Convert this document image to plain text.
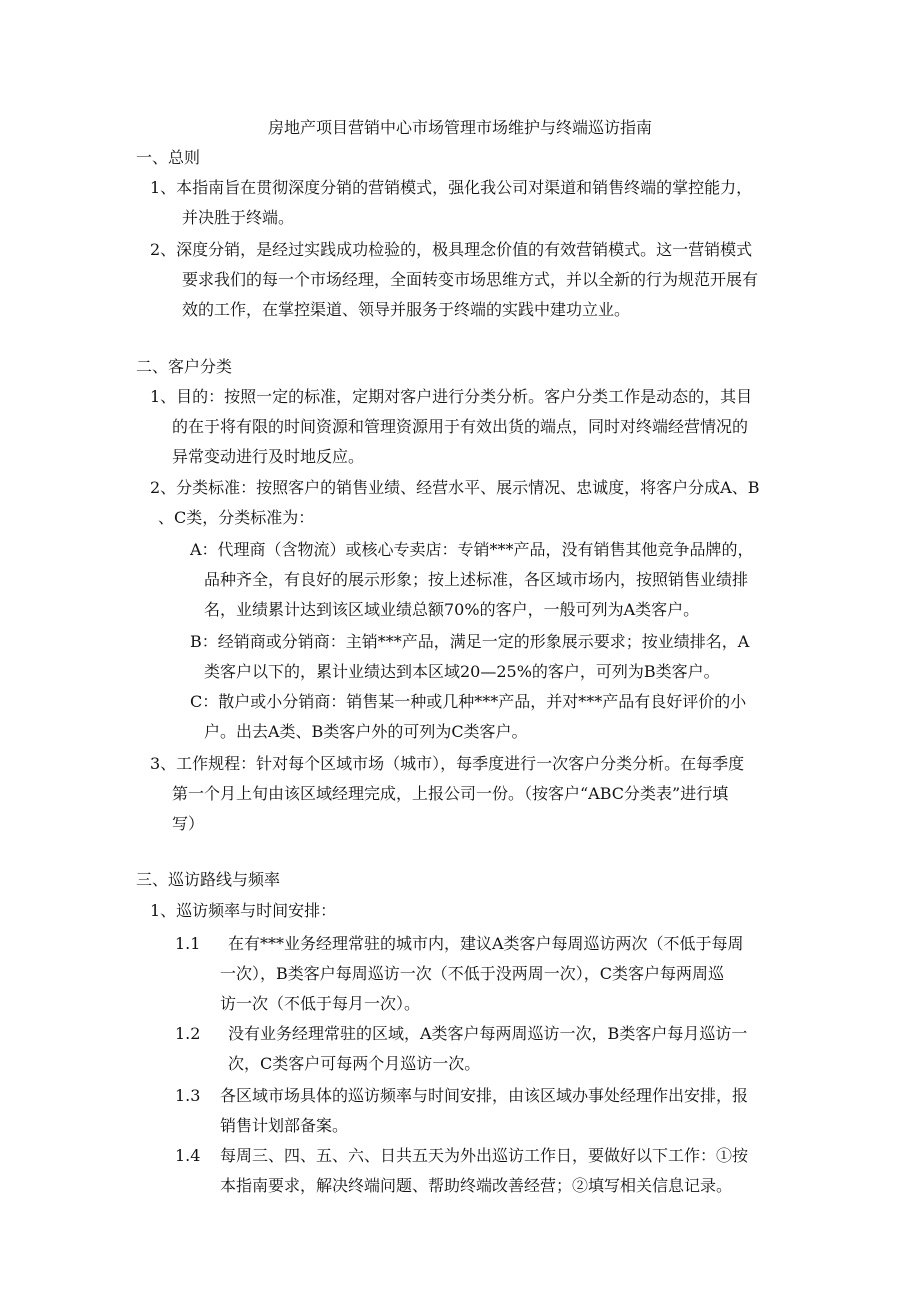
房地产项目营销中心市场管理市场维护与终端巡访指南
一、总则
1、本指南旨在贯彻深度分销的营销模式，强化我公司对渠道和销售终端的掌控能力，
并决胜于终端。
2、深度分销，是经过实践成功检验的，极具理念价值的有效营销模式。这一营销模式
要求我们的每一个市场经理，全面转变市场思维方式，并以全新的行为规范开展有
效的工作，在掌控渠道、领导并服务于终端的实践中建功立业。
二、客户分类
1、目的：按照一定的标准，定期对客户进行分类分析。客户分类工作是动态的，其目
的在于将有限的时间资源和管理资源用于有效出货的端点，同时对终端经营情况的
异常变动进行及时地反应。
2、分类标准：按照客户的销售业绩、经营水平、展示情况、忠诚度，将客户分成A、B
、C类，分类标准为：
A：代理商（含物流）或核心专卖店：专销***产品，没有销售其他竞争品牌的，
品种齐全，有良好的展示形象；按上述标准，各区域市场内，按照销售业绩排
名，业绩累计达到该区域业绩总额70%的客户，一般可列为A类客户。
B：经销商或分销商：主销***产品，满足一定的形象展示要求；按业绩排名，A
类客户以下的，累计业绩达到本区域20—25%的客户，可列为B类客户。
C：散户或小分销商：销售某一种或几种***产品，并对***产品有良好评价的小
户。出去A类、B类客户外的可列为C类客户。
3、工作规程：针对每个区域市场（城市），每季度进行一次客户分类分析。在每季度
第一个月上旬由该区域经理完成，上报公司一份。（按客户“ABC分类表”进行填
写）
三、巡访路线与频率
1、巡访频率与时间安排：
1.1 在有***业务经理常驻的城市内，建议A类客户每周巡访两次（不低于每周
一次），B类客户每周巡访一次（不低于没两周一次），C类客户每两周巡
访一次（不低于每月一次）。
1.2 没有业务经理常驻的区域，A类客户每两周巡访一次，B类客户每月巡访一
次，C类客户可每两个月巡访一次。
1.3 各区域市场具体的巡访频率与时间安排，由该区域办事处经理作出安排，报
销售计划部备案。
1.4 每周三、四、五、六、日共五天为外出巡访工作日，要做好以下工作：①按
本指南要求，解决终端问题、帮助终端改善经营；②填写相关信息记录。
